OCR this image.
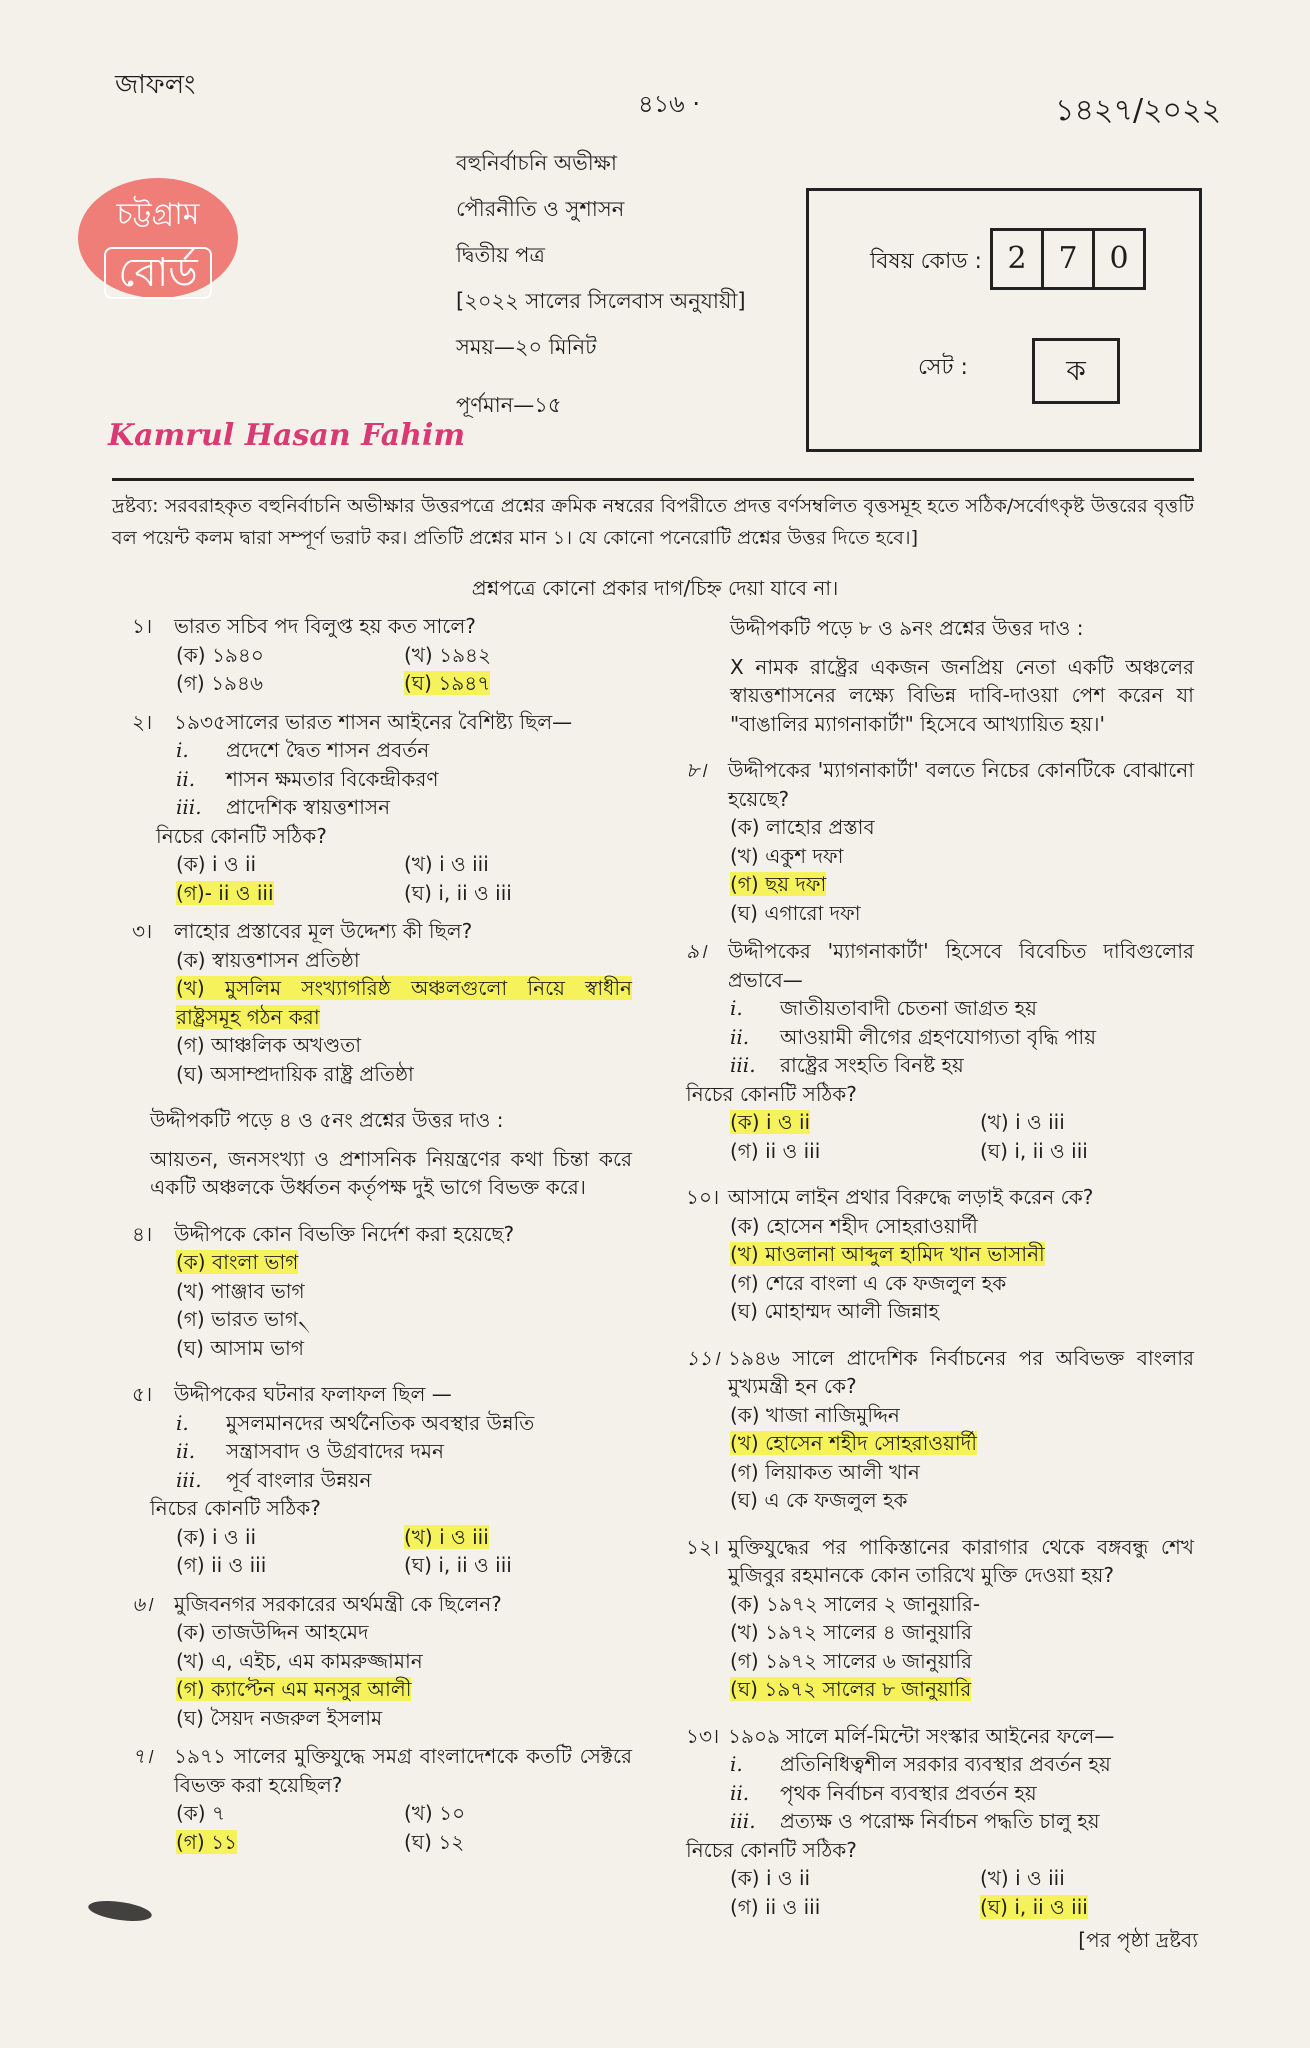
জাফলং
৪১৬ ·	১৪২৭/২০২২
চট্টগ্রাম
বোর্ড
Kamrul Hasan Fahim
বহুনির্বাচনি অভীক্ষা
পৌরনীতি ও সুশাসন
দ্বিতীয় পত্র
[২০২২ সালের সিলেবাস অনুযায়ী]
সময়—২০ মিনিট
পূর্ণমান—১৫
বিষয় কোড : 2	7	0
সেট :	ক
দ্রষ্টব্য: সরবরাহকৃত বহুনির্বাচনি অভীক্ষার উত্তরপত্রে প্রশ্নের ক্রমিক নম্বরের বিপরীতে প্রদত্ত বর্ণসম্বলিত বৃত্তসমূহ হতে সঠিক/সর্বোৎকৃষ্ট উত্তরের বৃত্তটি বল পয়েন্ট কলম দ্বারা সম্পূর্ণ ভরাট কর। প্রতিটি প্রশ্নের মান ১। যে কোনো পনেরোটি প্রশ্নের উত্তর দিতে হবে।]
প্রশ্নপত্রে কোনো প্রকার দাগ/চিহ্ন দেয়া যাবে না।
১।	ভারত সচিব পদ বিলুপ্ত হয় কত সালে?
(ক) ১৯৪০	(খ) ১৯৪২
(গ) ১৯৪৬	(ঘ) ১৯৪৭
২।	১৯৩৫সালের ভারত শাসন আইনের বৈশিষ্ট্য ছিল—
i.	প্রদেশে দ্বৈত শাসন প্রবর্তন
ii.	শাসন ক্ষমতার বিকেন্দ্রীকরণ
iii.	প্রাদেশিক স্বায়ত্তশাসন
নিচের কোনটি সঠিক?
(ক) i ও ii	(খ) i ও iii
(গ)- ii ও iii	(ঘ) i, ii ও iii
৩।	লাহোর প্রস্তাবের মূল উদ্দেশ্য কী ছিল?
(ক) স্বায়ত্তশাসন প্রতিষ্ঠা
(খ) মুসলিম সংখ্যাগরিষ্ঠ অঞ্চলগুলো নিয়ে স্বাধীন রাষ্ট্রসমূহ গঠন করা
(গ) আঞ্চলিক অখণ্ডতা
(ঘ) অসাম্প্রদায়িক রাষ্ট্র প্রতিষ্ঠা
উদ্দীপকটি পড়ে ৪ ও ৫নং প্রশ্নের উত্তর দাও :
আয়তন, জনসংখ্যা ও প্রশাসনিক নিয়ন্ত্রণের কথা চিন্তা করে একটি অঞ্চলকে উর্ধ্বতন কর্তৃপক্ষ দুই ভাগে বিভক্ত করে।
৪।	উদ্দীপকে কোন বিভক্তি নির্দেশ করা হয়েছে?
(ক) বাংলা ভাগ
(খ) পাঞ্জাব ভাগ
(গ) ভারত ভাগ৲
(ঘ) আসাম ভাগ
৫।	উদ্দীপকের ঘটনার ফলাফল ছিল —
i.	মুসলমানদের অর্থনৈতিক অবস্থার উন্নতি
ii.	সন্ত্রাসবাদ ও উগ্রবাদের দমন
iii.	পূর্ব বাংলার উন্নয়ন
নিচের কোনটি সঠিক?
(ক) i ও ii	(খ) i ও iii
(গ) ii ও iii	(ঘ) i, ii ও iii
৬।	মুজিবনগর সরকারের অর্থমন্ত্রী কে ছিলেন?
(ক) তাজউদ্দিন আহমেদ
(খ) এ, এইচ, এম কামরুজ্জামান
(গ) ক্যাপ্টেন এম মনসুর আলী
(ঘ) সৈয়দ নজরুল ইসলাম
৭।	১৯৭১ সালের মুক্তিযুদ্ধে সমগ্র বাংলাদেশকে কতটি সেক্টরে বিভক্ত করা হয়েছিল?
(ক) ৭	(খ) ১০
(গ) ১১	(ঘ) ১২
উদ্দীপকটি পড়ে ৮ ও ৯নং প্রশ্নের উত্তর দাও :
X নামক রাষ্ট্রের একজন জনপ্রিয় নেতা একটি অঞ্চলের স্বায়ত্তশাসনের লক্ষ্যে বিভিন্ন দাবি-দাওয়া পেশ করেন যা "বাঙালির ম্যাগনাকার্টা" হিসেবে আখ্যায়িত হয়।'
৮।	উদ্দীপকের 'ম্যাগনাকার্টা' বলতে নিচের কোনটিকে বোঝানো হয়েছে?
(ক) লাহোর প্রস্তাব
(খ) একুশ দফা
(গ) ছয় দফা
(ঘ) এগারো দফা
৯।	উদ্দীপকের 'ম্যাগনাকার্টা' হিসেবে বিবেচিত দাবিগুলোর প্রভাবে—
i.	জাতীয়তাবাদী চেতনা জাগ্রত হয়
ii.	আওয়ামী লীগের গ্রহণযোগ্যতা বৃদ্ধি পায়
iii.	রাষ্ট্রের সংহতি বিনষ্ট হয়
নিচের কোনটি সঠিক?
(ক) i ও ii	(খ) i ও iii
(গ) ii ও iii	(ঘ) i, ii ও iii
১০। আসামে লাইন প্রথার বিরুদ্ধে লড়াই করেন কে?
(ক) হোসেন শহীদ সোহরাওয়ার্দী
(খ) মাওলানা আব্দুল হামিদ খান ভাসানী
(গ) শেরে বাংলা এ কে ফজলুল হক
(ঘ) মোহাম্মদ আলী জিন্নাহ
১১। ১৯৪৬ সালে প্রাদেশিক নির্বাচনের পর অবিভক্ত বাংলার মুখ্যমন্ত্রী হন কে?
(ক) খাজা নাজিমুদ্দিন
(খ) হোসেন শহীদ সোহরাওয়ার্দী
(গ) লিয়াকত আলী খান
(ঘ) এ কে ফজলুল হক
১২। মুক্তিযুদ্ধের পর পাকিস্তানের কারাগার থেকে বঙ্গবন্ধু শেখ মুজিবুর রহমানকে কোন তারিখে মুক্তি দেওয়া হয়?
(ক) ১৯৭২ সালের ২ জানুয়ারি-
(খ) ১৯৭২ সালের ৪ জানুয়ারি
(গ) ১৯৭২ সালের ৬ জানুয়ারি
(ঘ) ১৯৭২ সালের ৮ জানুয়ারি
১৩। ১৯০৯ সালে মর্লি-মিন্টো সংস্কার আইনের ফলে—
i.	প্রতিনিধিত্বশীল সরকার ব্যবস্থার প্রবর্তন হয়
ii.	পৃথক নির্বাচন ব্যবস্থার প্রবর্তন হয়
iii.	প্রত্যক্ষ ও পরোক্ষ নির্বাচন পদ্ধতি চালু হয়
নিচের কোনটি সঠিক?
(ক) i ও ii	(খ) i ও iii
(গ) ii ও iii	(ঘ) i, ii ও iii
[পর পৃষ্ঠা দ্রষ্টব্য
